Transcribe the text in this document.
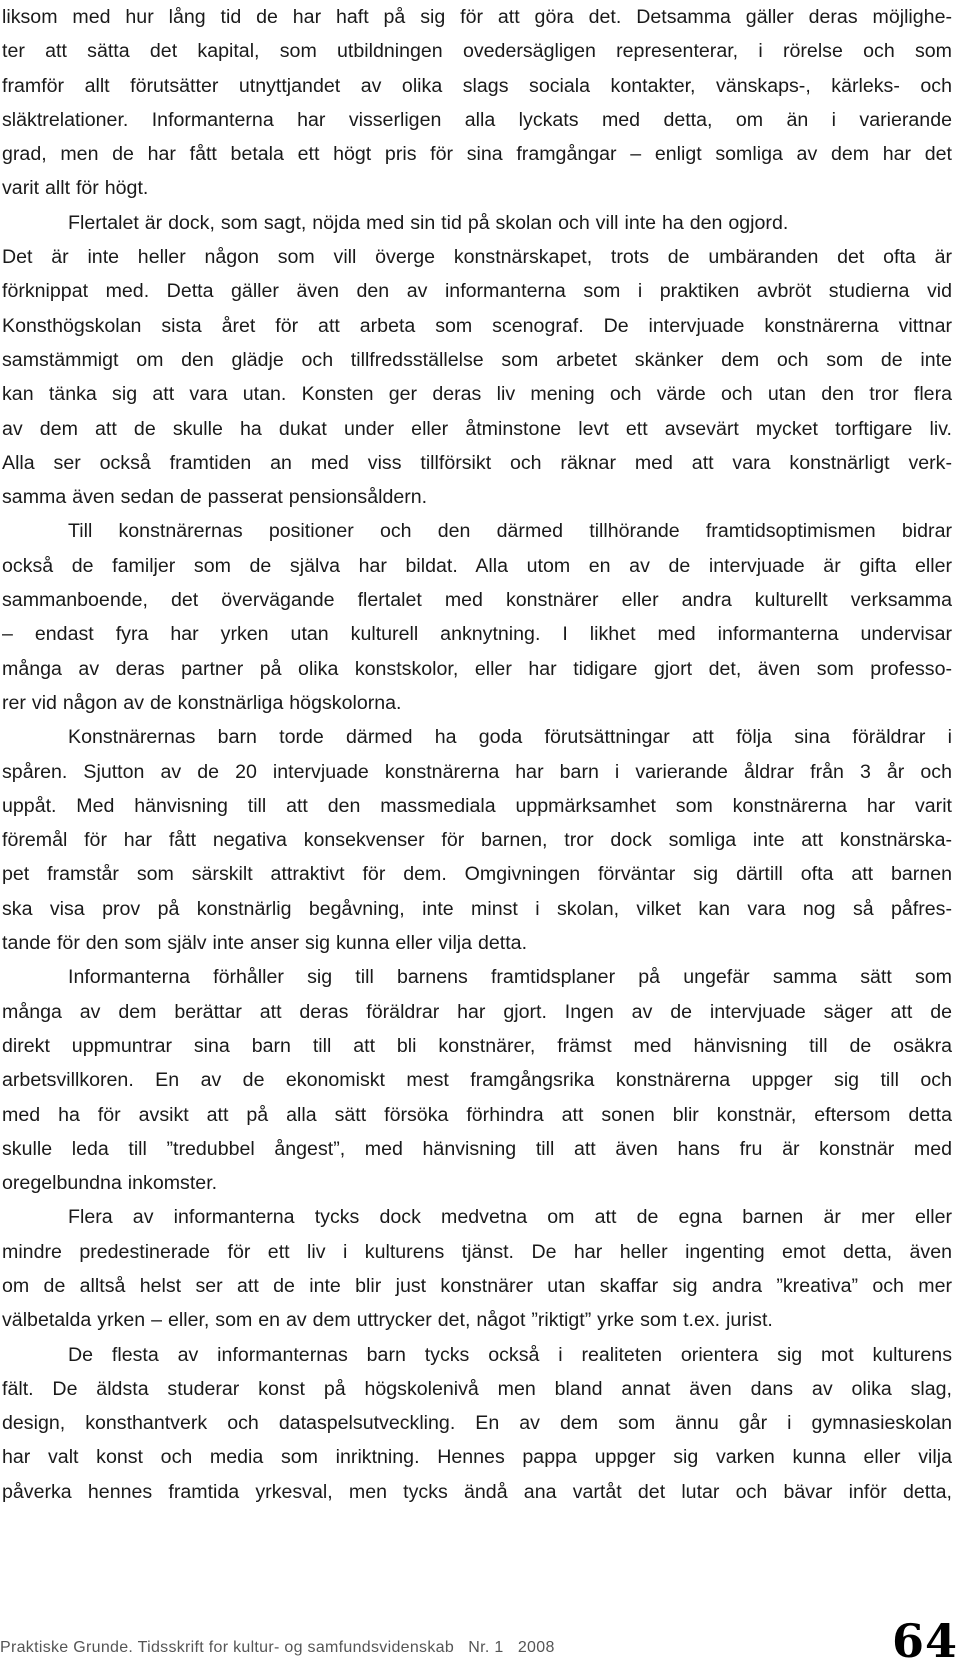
liksom med hur lång tid de har haft på sig för att göra det. Detsamma gäller deras möjlighe-
ter att sätta det kapital, som utbildningen ovedersägligen representerar, i rörelse och som
framför allt förutsätter utnyttjandet av olika slags sociala kontakter, vänskaps-, kärleks- och
släktrelationer. Informanterna har visserligen alla lyckats med detta, om än i varierande
grad, men de har fått betala ett högt pris för sina framgångar – enligt somliga av dem har det
varit allt för högt.
Flertalet är dock, som sagt, nöjda med sin tid på skolan och vill inte ha den ogjord.
Det är inte heller någon som vill överge konstnärskapet, trots de umbäranden det ofta är
förknippat med. Detta gäller även den av informanterna som i praktiken avbröt studierna vid
Konsthögskolan sista året för att arbeta som scenograf. De intervjuade konstnärerna vittnar
samstämmigt om den glädje och tillfredsställelse som arbetet skänker dem och som de inte
kan tänka sig att vara utan. Konsten ger deras liv mening och värde och utan den tror flera
av dem att de skulle ha dukat under eller åtminstone levt ett avsevärt mycket torftigare liv.
Alla ser också framtiden an med viss tillförsikt och räknar med att vara konstnärligt verk-
samma även sedan de passerat pensionsåldern.
Till konstnärernas positioner och den därmed tillhörande framtidsoptimismen bidrar
också de familjer som de själva har bildat. Alla utom en av de intervjuade är gifta eller
sammanboende, det övervägande flertalet med konstnärer eller andra kulturellt verksamma
– endast fyra har yrken utan kulturell anknytning. I likhet med informanterna undervisar
många av deras partner på olika konstskolor, eller har tidigare gjort det, även som professo-
rer vid någon av de konstnärliga högskolorna.
Konstnärernas barn torde därmed ha goda förutsättningar att följa sina föräldrar i
spåren. Sjutton av de 20 intervjuade konstnärerna har barn i varierande åldrar från 3 år och
uppåt. Med hänvisning till att den massmediala uppmärksamhet som konstnärerna har varit
föremål för har fått negativa konsekvenser för barnen, tror dock somliga inte att konstnärska-
pet framstår som särskilt attraktivt för dem. Omgivningen förväntar sig därtill ofta att barnen
ska visa prov på konstnärlig begåvning, inte minst i skolan, vilket kan vara nog så påfres-
tande för den som själv inte anser sig kunna eller vilja detta.
Informanterna förhåller sig till barnens framtidsplaner på ungefär samma sätt som
många av dem berättar att deras föräldrar har gjort. Ingen av de intervjuade säger att de
direkt uppmuntrar sina barn till att bli konstnärer, främst med hänvisning till de osäkra
arbetsvillkoren. En av de ekonomiskt mest framgångsrika konstnärerna uppger sig till och
med ha för avsikt att på alla sätt försöka förhindra att sonen blir konstnär, eftersom detta
skulle leda till ”tredubbel ångest”, med hänvisning till att även hans fru är konstnär med
oregelbundna inkomster.
Flera av informanterna tycks dock medvetna om att de egna barnen är mer eller
mindre predestinerade för ett liv i kulturens tjänst. De har heller ingenting emot detta, även
om de alltså helst ser att de inte blir just konstnärer utan skaffar sig andra ”kreativa” och mer
välbetalda yrken – eller, som en av dem uttrycker det, något ”riktigt” yrke som t.ex. jurist.
De flesta av informanternas barn tycks också i realiteten orientera sig mot kulturens
fält. De äldsta studerar konst på högskolenivå men bland annat även dans av olika slag,
design, konsthantverk och dataspelsutveckling. En av dem som ännu går i gymnasieskolan
har valt konst och media som inriktning. Hennes pappa uppger sig varken kunna eller vilja
påverka hennes framtida yrkesval, men tycks ändå ana vartåt det lutar och bävar inför detta,
Praktiske Grunde. Tidsskrift for kultur- og samfundsvidenskab Nr. 1 2008	64
